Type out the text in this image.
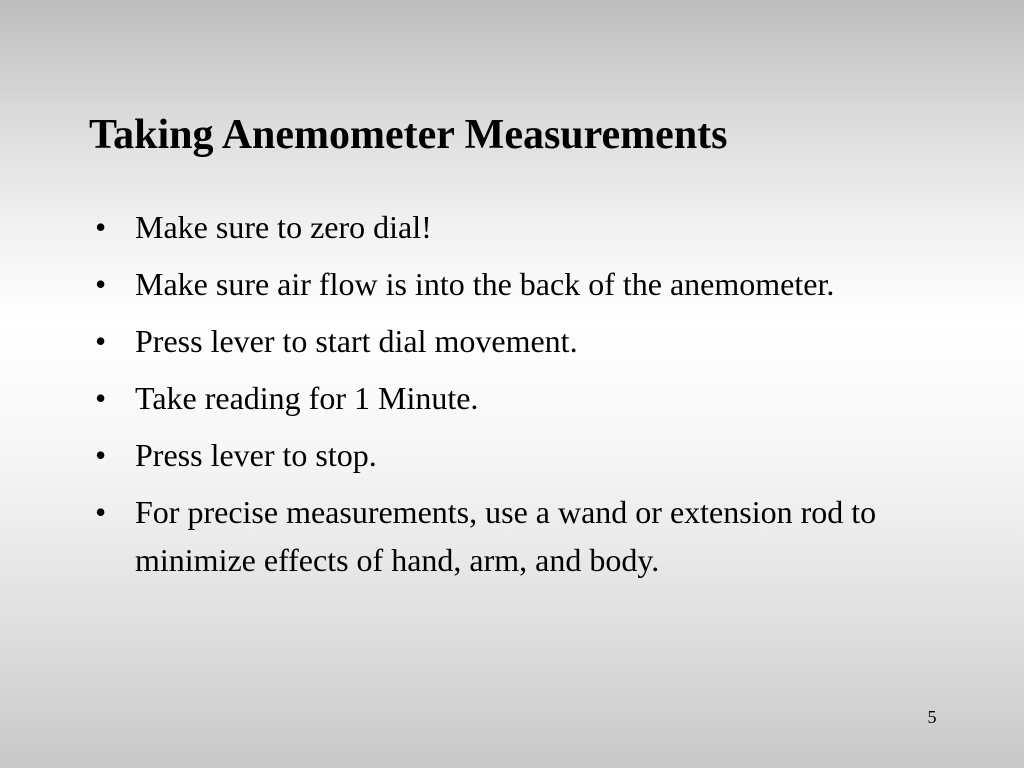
Taking Anemometer Measurements
• Make sure to zero dial!
• Make sure air flow is into the back of the anemometer.
• Press lever to start dial movement.
• Take reading for 1 Minute.
• Press lever to stop.
• For precise measurements, use a wand or extension rod to minimize effects of hand, arm, and body.
5
